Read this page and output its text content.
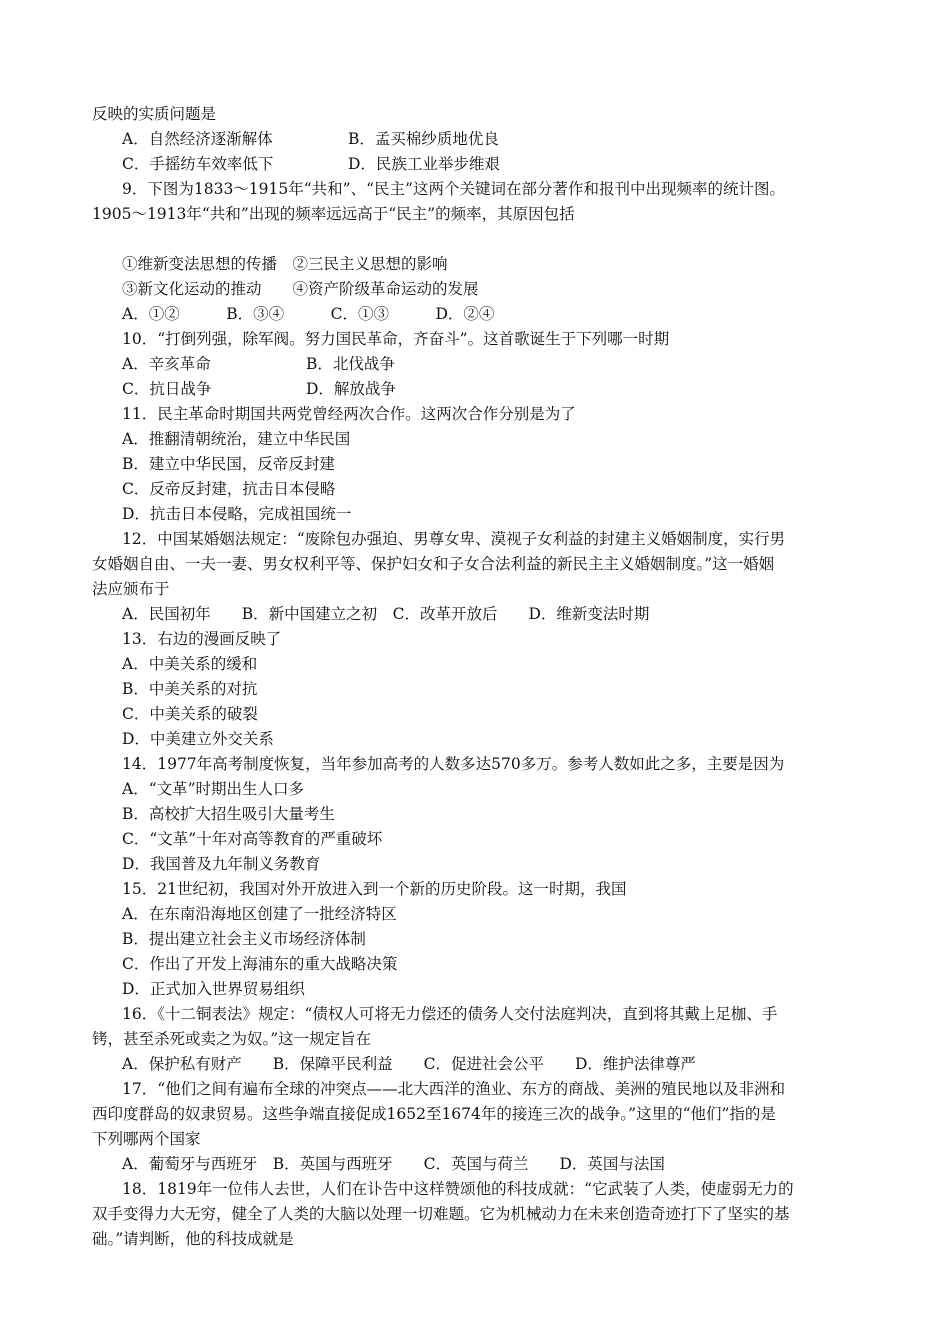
反映的实质问题是
A．自然经济逐渐解体	B．孟买棉纱质地优良
C．手摇纺车效率低下	D．民族工业举步维艰
9．下图为1833～1915年“共和”、“民主”这两个关键词在部分著作和报刊中出现频率的统计图。
1905～1913年“共和”出现的频率远远高于“民主”的频率，其原因包括
①维新变法思想的传播　②三民主义思想的影响
③新文化运动的推动　　④资产阶级革命运动的发展
A．①②　　　B．③④　　　C．①③　　　D．②④
10．“打倒列强，除军阀。努力国民革命，齐奋斗”。这首歌诞生于下列哪一时期
A．辛亥革命	B．北伐战争
C．抗日战争	D．解放战争
11．民主革命时期国共两党曾经两次合作。这两次合作分别是为了
A．推翻清朝统治，建立中华民国
B．建立中华民国，反帝反封建
C．反帝反封建，抗击日本侵略
D．抗击日本侵略，完成祖国统一
12．中国某婚姻法规定：“废除包办强迫、男尊女卑、漠视子女利益的封建主义婚姻制度，实行男
女婚姻自由、一夫一妻、男女权利平等、保护妇女和子女合法利益的新民主主义婚姻制度。”这一婚姻
法应颁布于
A．民国初年　　B．新中国建立之初　C．改革开放后　　D．维新变法时期
13．右边的漫画反映了
A．中美关系的缓和
B．中美关系的对抗
C．中美关系的破裂
D．中美建立外交关系
14．1977年高考制度恢复，当年参加高考的人数多达570多万。参考人数如此之多，主要是因为
A．“文革”时期出生人口多
B．高校扩大招生吸引大量考生
C．“文革”十年对高等教育的严重破坏
D．我国普及九年制义务教育
15．21世纪初，我国对外开放进入到一个新的历史阶段。这一时期，我国
A．在东南沿海地区创建了一批经济特区
B．提出建立社会主义市场经济体制
C．作出了开发上海浦东的重大战略决策
D．正式加入世界贸易组织
16．《十二铜表法》规定：“债权人可将无力偿还的债务人交付法庭判决，直到将其戴上足枷、手
铐，甚至杀死或卖之为奴。”这一规定旨在
A．保护私有财产　　B．保障平民利益　　C．促进社会公平　　D．维护法律尊严
17．“他们之间有遍布全球的冲突点——北大西洋的渔业、东方的商战、美洲的殖民地以及非洲和
西印度群岛的奴隶贸易。这些争端直接促成1652至1674年的接连三次的战争。”这里的“他们”指的是
下列哪两个国家
A．葡萄牙与西班牙　B．英国与西班牙　　C．英国与荷兰　　D．英国与法国
18．1819年一位伟人去世，人们在讣告中这样赞颂他的科技成就：“它武装了人类，使虚弱无力的
双手变得力大无穷，健全了人类的大脑以处理一切难题。它为机械动力在未来创造奇迹打下了坚实的基
础。”请判断，他的科技成就是
